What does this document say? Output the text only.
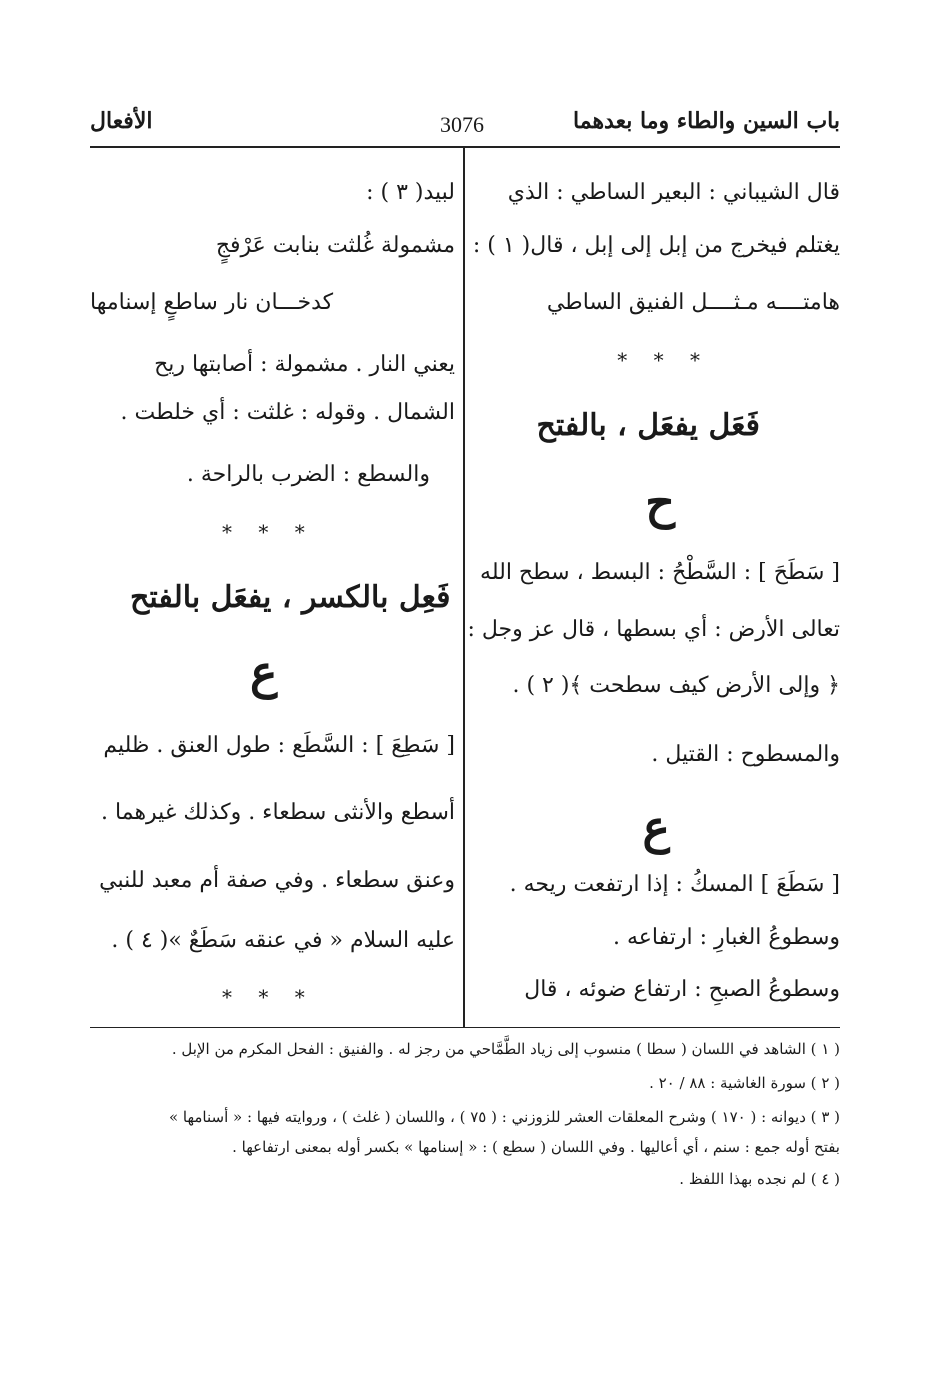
باب السين والطاء وما بعدهما
3076
الأفعال
قال الشيباني : البعير الساطي : الذي
يغتلم فيخرج من إبل إلى إبل ، قال( ١ ) :
هامتــــه مـثــــل الفنيق الساطي
* * *
فَعَل يفعَل ، بالفتح
ح
[ سَطَحَ ] : السَّطْحُ : البسط ، سطح الله
تعالى الأرض : أي بسطها ، قال عز وجل :
﴿ وإلى الأرض كيف سطحت ﴾( ٢ ) .
والمسطوح : القتيل .
ع
[ سَطَعَ ] المسكُ : إذا ارتفعت ريحه .
وسطوعُ الغبارِ : ارتفاعه .
وسطوعُ الصبحِ : ارتفاع ضوئه ، قال
لبيد( ٣ ) :
مشمولة غُلثت بنابت عَرْفجٍ
كدخـــان نار ساطعٍ إسنامها
يعني النار . مشمولة : أصابتها ريح
الشمال . وقوله : غلثت : أي خلطت .
والسطع : الضرب بالراحة .
* * *
فَعِل بالكسر ، يفعَل بالفتح
ع
[ سَطِعَ ] : السَّطَع : طول العنق . ظليم
أسطع والأنثى سطعاء . وكذلك غيرهما .
وعنق سطعاء . وفي صفة أم معبد للنبي
عليه السلام « في عنقه سَطَعٌ »( ٤ ) .
* * *
( ١ ) الشاهد في اللسان ( سطا ) منسوب إلى زياد الطَّمَّاحي من رجز له . والفنيق : الفحل المكرم من الإبل .
( ٢ ) سورة الغاشية : ٨٨ / ٢٠ .
( ٣ ) ديوانه : ( ١٧٠ ) وشرح المعلقات العشر للزوزني : ( ٧٥ ) ، واللسان ( غلث ) ، وروايته فيها : « أسنامها »
بفتح أوله جمع : سنم ، أي أعاليها . وفي اللسان ( سطع ) : « إسنامها » بكسر أوله بمعنى ارتفاعها .
( ٤ ) لم نجده بهذا اللفظ .
